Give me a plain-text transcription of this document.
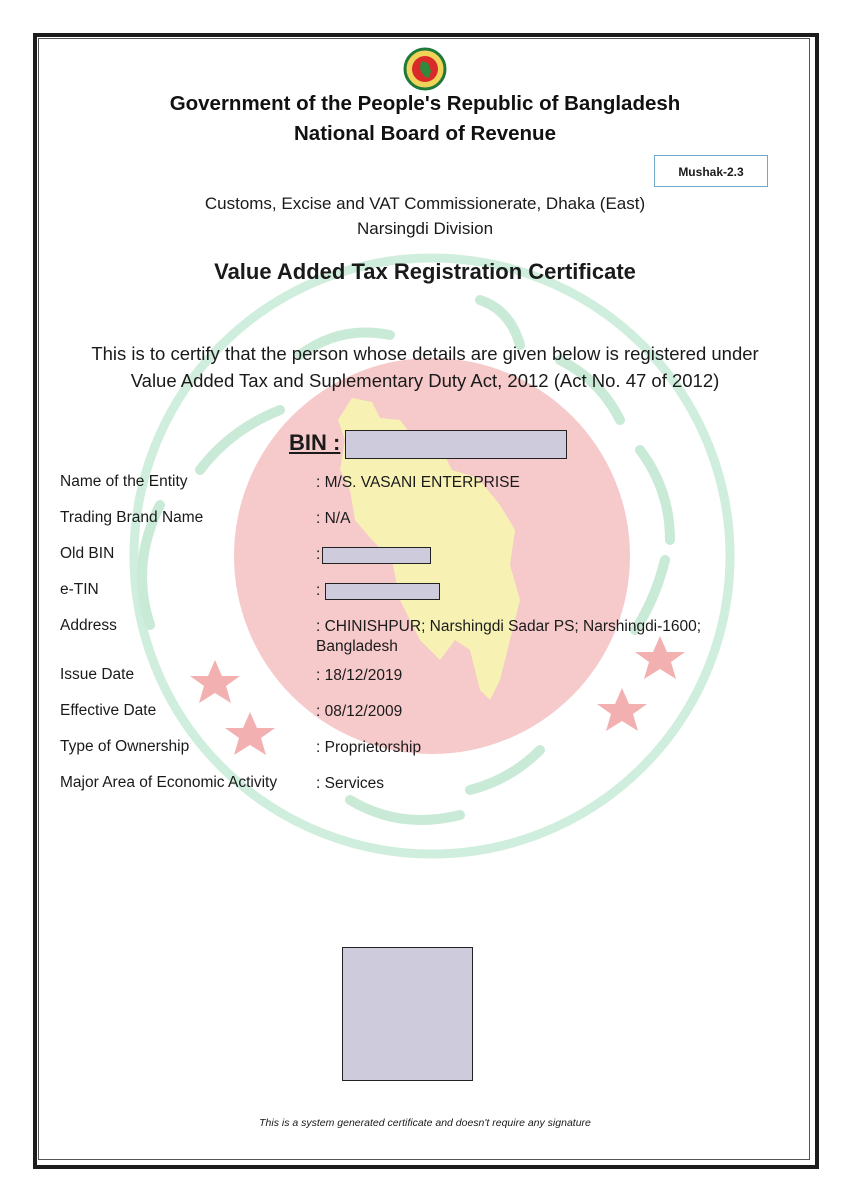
Government of the People's Republic of Bangladesh
National Board of Revenue
Mushak-2.3
Customs, Excise and VAT Commissionerate, Dhaka (East)
Narsingdi Division
Value Added Tax Registration Certificate
This is to certify that the person whose details are given below is registered under
Value Added Tax and Suplementary Duty Act, 2012 (Act No. 47 of 2012)
BIN :
Name of the Entity	: M/S. VASANI ENTERPRISE
Trading Brand Name	: N/A
Old BIN	:
e-TIN	:
Address	: CHINISHPUR; Narshingdi Sadar PS; Narshingdi-1600; Bangladesh
Issue Date	: 18/12/2019
Effective Date	: 08/12/2009
Type of Ownership	: Proprietorship
Major Area of Economic Activity	: Services
This is a system generated certificate and doesn't require any signature
